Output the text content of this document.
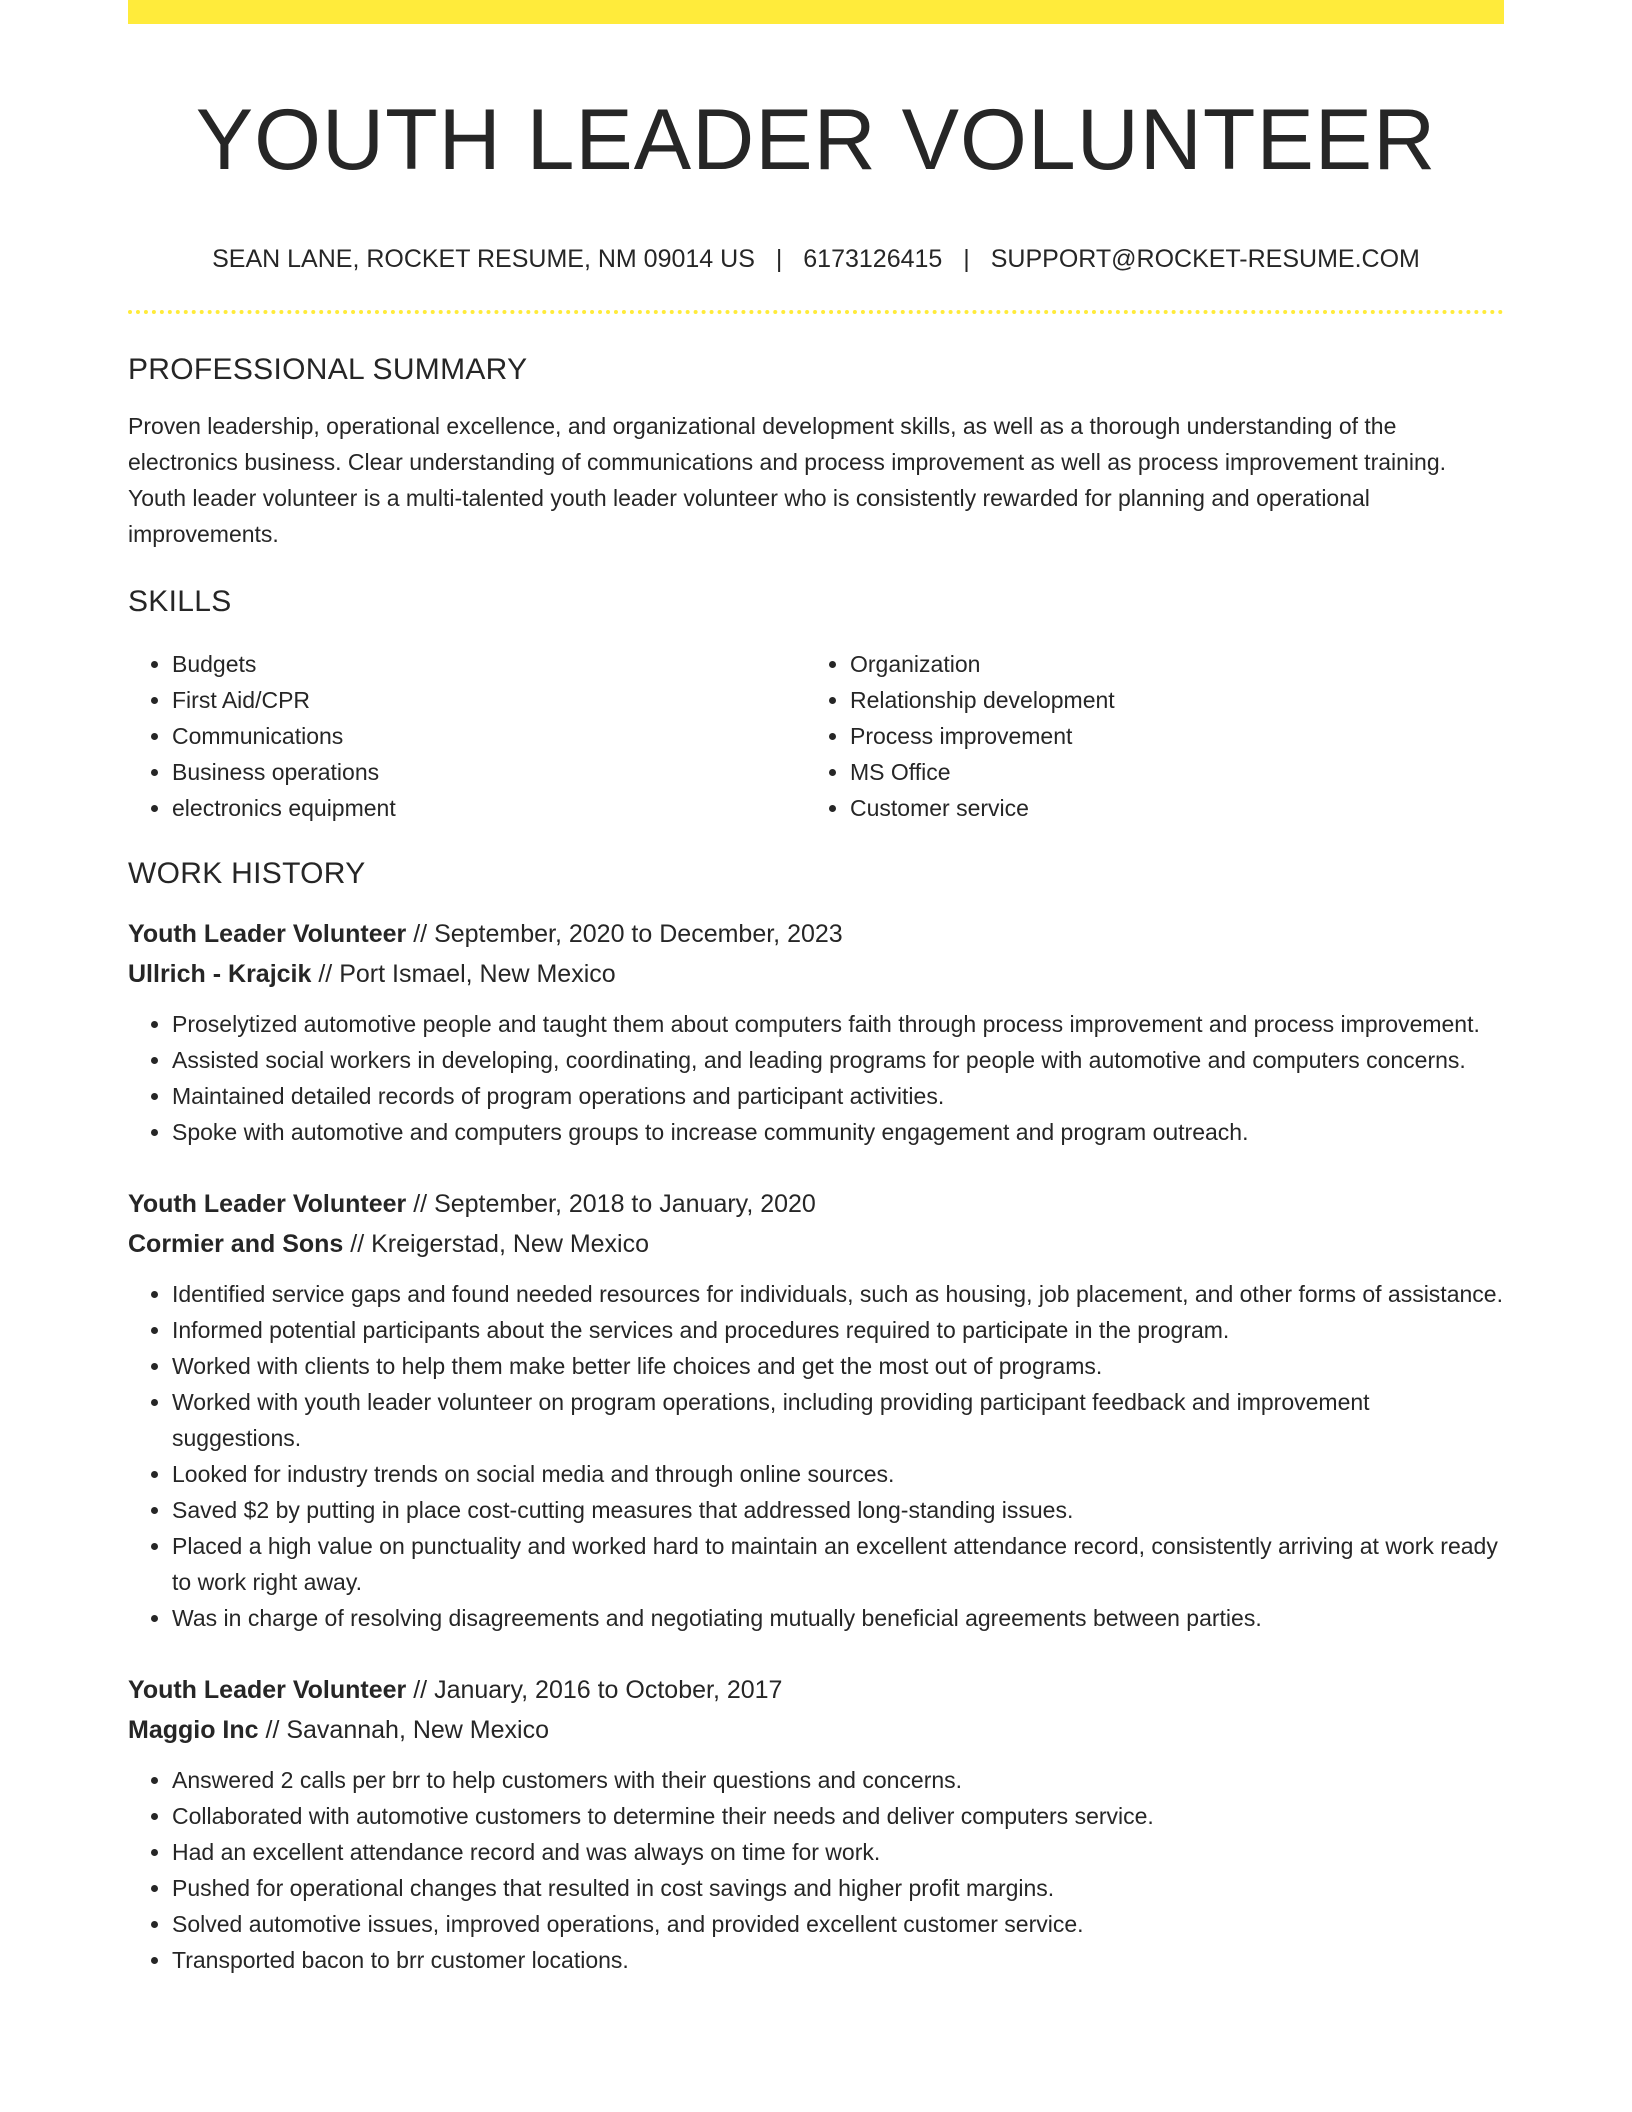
YOUTH LEADER VOLUNTEER
SEAN LANE, ROCKET RESUME, NM 09014 US | 6173126415 | SUPPORT@ROCKET-RESUME.COM
PROFESSIONAL SUMMARY

Proven leadership, operational excellence, and organizational development skills, as well as a thorough understanding of the electronics business. Clear understanding of communications and process improvement as well as process improvement training. Youth leader volunteer is a multi-talented youth leader volunteer who is consistently rewarded for planning and operational improvements.

SKILLS
• Budgets
• First Aid/CPR
• Communications
• Business operations
• electronics equipment
• Organization
• Relationship development
• Process improvement
• MS Office
• Customer service
WORK HISTORY
Youth Leader Volunteer // September, 2020 to December, 2023
Ullrich - Krajcik // Port Ismael, New Mexico
• Proselytized automotive people and taught them about computers faith through process improvement and process improvement.
• Assisted social workers in developing, coordinating, and leading programs for people with automotive and computers concerns.
• Maintained detailed records of program operations and participant activities.
• Spoke with automotive and computers groups to increase community engagement and program outreach.
Youth Leader Volunteer // September, 2018 to January, 2020
Cormier and Sons // Kreigerstad, New Mexico
• Identified service gaps and found needed resources for individuals, such as housing, job placement, and other forms of assistance.
• Informed potential participants about the services and procedures required to participate in the program.
• Worked with clients to help them make better life choices and get the most out of programs.
• Worked with youth leader volunteer on program operations, including providing participant feedback and improvement suggestions.
• Looked for industry trends on social media and through online sources.
• Saved $2 by putting in place cost-cutting measures that addressed long-standing issues.
• Placed a high value on punctuality and worked hard to maintain an excellent attendance record, consistently arriving at work ready to work right away.
• Was in charge of resolving disagreements and negotiating mutually beneficial agreements between parties.
Youth Leader Volunteer // January, 2016 to October, 2017
Maggio Inc // Savannah, New Mexico
• Answered 2 calls per brr to help customers with their questions and concerns.
• Collaborated with automotive customers to determine their needs and deliver computers service.
• Had an excellent attendance record and was always on time for work.
• Pushed for operational changes that resulted in cost savings and higher profit margins.
• Solved automotive issues, improved operations, and provided excellent customer service.
• Transported bacon to brr customer locations.
